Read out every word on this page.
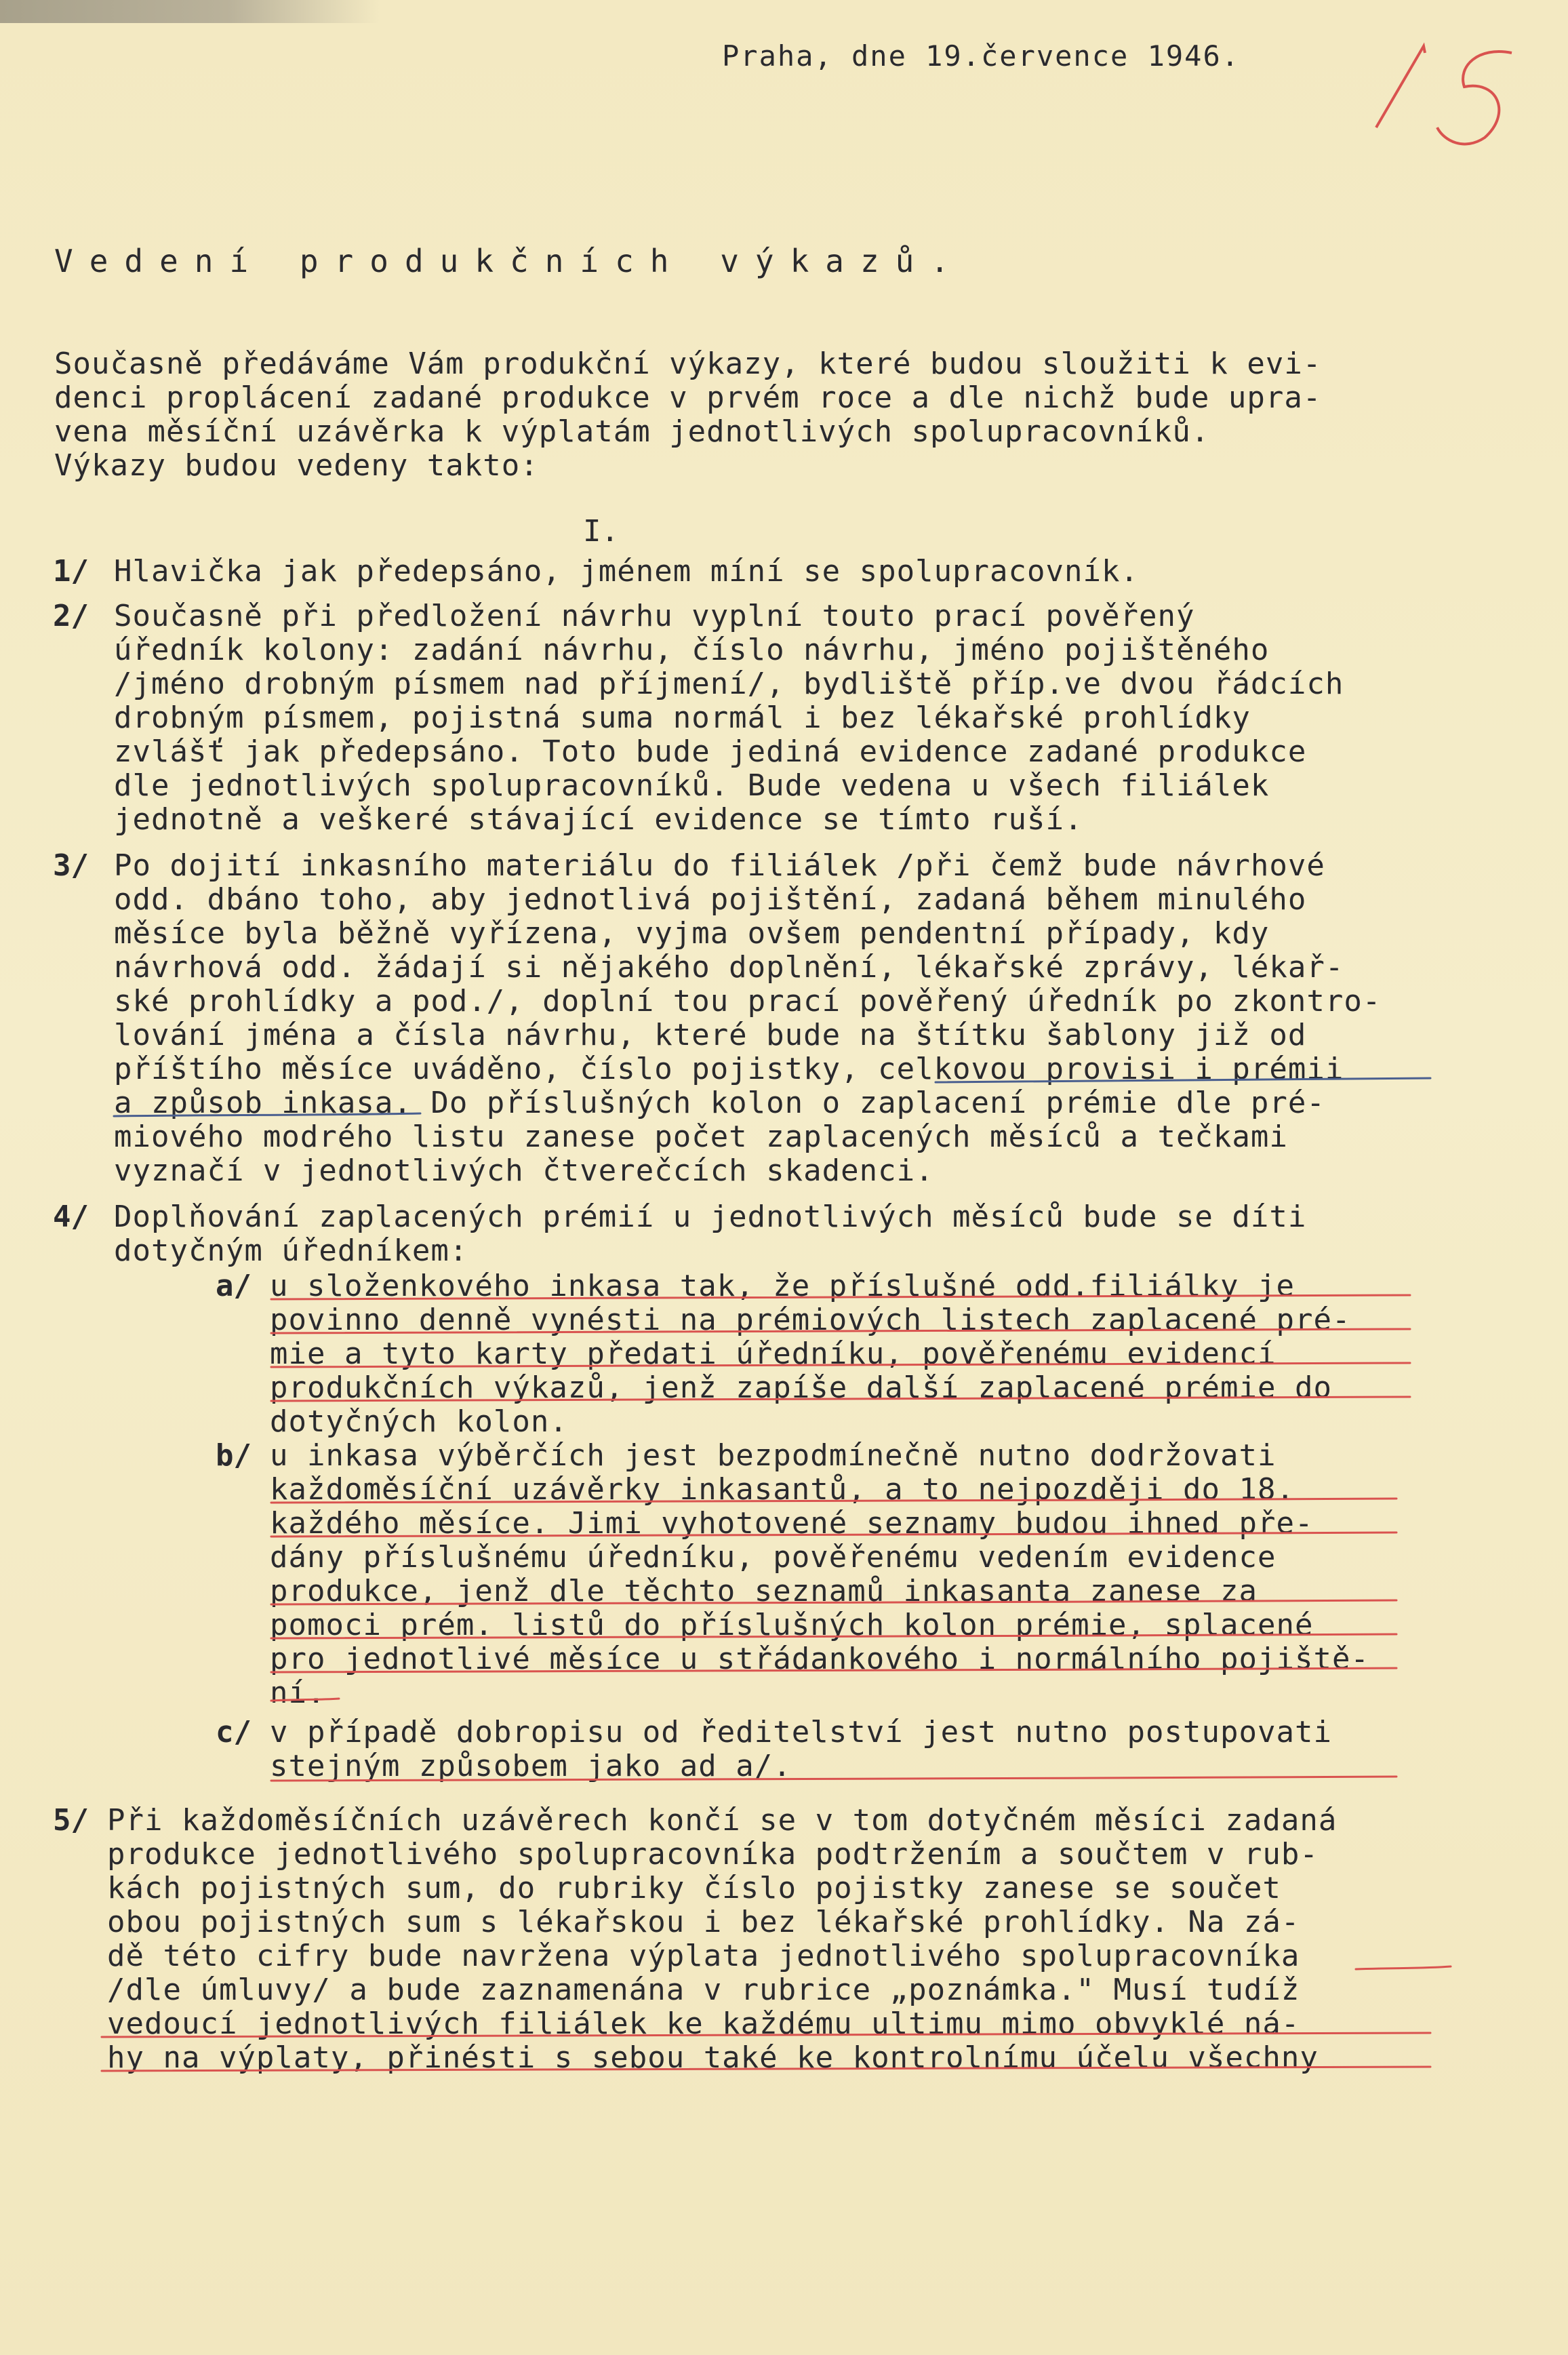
Praha, dne 19.července 1946.
Vedení produkčních výkazů.
Současně předáváme Vám produkční výkazy, které budou sloužiti k evi-
denci proplácení zadané produkce v prvém roce a dle nichž bude upra-
vena měsíční uzávěrka k výplatám jednotlivých spolupracovníků.
Výkazy budou vedeny takto:
I.
1/ Hlavička jak předepsáno, jménem míní se spolupracovník.
2/ Současně při předložení návrhu vyplní touto prací pověřený
úředník kolony: zadání návrhu, číslo návrhu, jméno pojištěného
/jméno drobným písmem nad příjmení/, bydliště příp.ve dvou řádcích
drobným písmem, pojistná suma normál i bez lékařské prohlídky
zvlášť jak předepsáno. Toto bude jediná evidence zadané produkce
dle jednotlivých spolupracovníků. Bude vedena u všech filiálek
jednotně a veškeré stávající evidence se tímto ruší.
3/ Po dojití inkasního materiálu do filiálek /při čemž bude návrhové
odd. dbáno toho, aby jednotlivá pojištění, zadaná během minulého
měsíce byla běžně vyřízena, vyjma ovšem pendentní případy, kdy
návrhová odd. žádají si nějakého doplnění, lékařské zprávy, lékař-
ské prohlídky a pod./, doplní tou prací pověřený úředník po zkontro-
lování jména a čísla návrhu, které bude na štítku šablony již od
příštího měsíce uváděno, číslo pojistky, celkovou provisi i prémii
a způsob inkasa. Do příslušných kolon o zaplacení prémie dle pré-
miového modrého listu zanese počet zaplacených měsíců a tečkami
vyznačí v jednotlivých čtverečcích skadenci.
4/ Doplňování zaplacených prémií u jednotlivých měsíců bude se díti
dotyčným úředníkem:
a/ u složenkového inkasa tak, že příslušné odd.filiálky je
povinno denně vynésti na prémiových listech zaplacené pré-
mie a tyto karty předati úředníku, pověřenému evidencí
produkčních výkazů, jenž zapíše další zaplacené prémie do
dotyčných kolon.
b/ u inkasa výběrčích jest bezpodmínečně nutno dodržovati
každoměsíční uzávěrky inkasantů, a to nejpozději do 18.
každého měsíce. Jimi vyhotovené seznamy budou ihned pře-
dány příslušnému úředníku, pověřenému vedením evidence
produkce, jenž dle těchto seznamů inkasanta zanese za
pomoci prém. listů do příslušných kolon prémie, splacené
pro jednotlivé měsíce u střádankového i normálního pojiště-
ní.
c/ v případě dobropisu od ředitelství jest nutno postupovati
stejným způsobem jako ad a/.
5/ Při každoměsíčních uzávěrech končí se v tom dotyčném měsíci zadaná
produkce jednotlivého spolupracovníka podtržením a součtem v rub-
kách pojistných sum, do rubriky číslo pojistky zanese se součet
obou pojistných sum s lékařskou i bez lékařské prohlídky. Na zá-
dě této cifry bude navržena výplata jednotlivého spolupracovníka
/dle úmluvy/ a bude zaznamenána v rubrice „poznámka." Musí tudíž
vedoucí jednotlivých filiálek ke každému ultimu mimo obvyklé ná-
hy na výplaty, přinésti s sebou také ke kontrolnímu účelu všechny
